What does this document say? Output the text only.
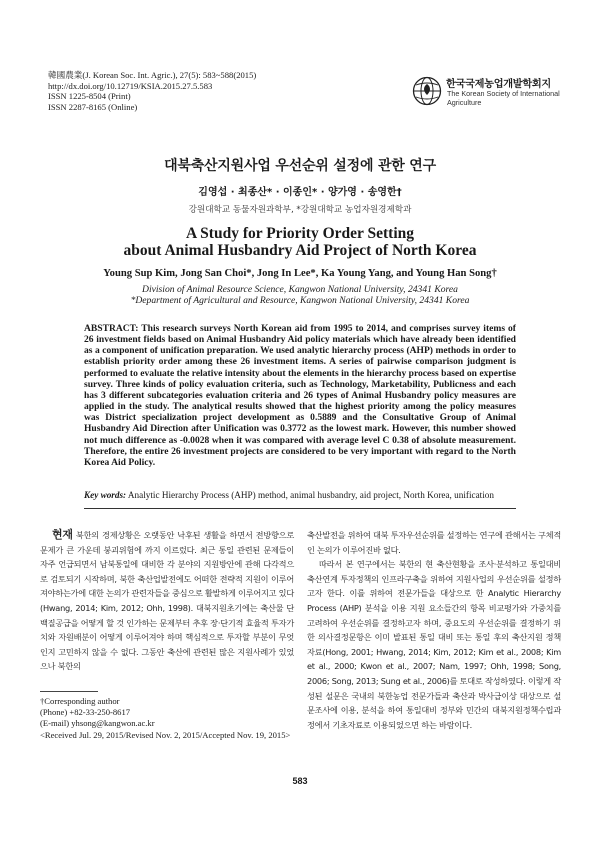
韓國農業(J. Korean Soc. Int. Agric.), 27(5): 583~588(2015)
http://dx.doi.org/10.12719/KSIA.2015.27.5.583
ISSN 1225-8504 (Print)
ISSN 2287-8165 (Online)
한국국제농업개발학회지
The Korean Society of International
Agriculture
대북축산지원사업 우선순위 설정에 관한 연구
김영섭 · 최종산* · 이종인* · 양가영 · 송영한†
강원대학교 동물자원과학부, *강원대학교 농업자원경제학과
A Study for Priority Order Setting
about Animal Husbandry Aid Project of North Korea
Young Sup Kim, Jong San Choi*, Jong In Lee*, Ka Young Yang, and Young Han Song†
Division of Animal Resource Science, Kangwon National University, 24341 Korea
*Department of Agricultural and Resource, Kangwon National University, 24341 Korea
ABSTRACT: This research surveys North Korean aid from 1995 to 2014, and comprises survey items of 26 investment fields based on Animal Husbandry Aid policy materials which have already been identified as a component of unification preparation. We used analytic hierarchy process (AHP) methods in order to establish priority order among these 26 investment items. A series of pairwise comparison judgment is performed to evaluate the relative intensity about the elements in the hierarchy process based on expertise survey. Three kinds of policy evaluation criteria, such as Technology, Marketability, Publicness and each has 3 different subcategories evaluation criteria and 26 types of Animal Husbandry policy measures are applied in the study. The analytical results showed that the highest priority among the policy measures was District specialization project development as 0.5889 and the Consultative Group of Animal Husbandry Aid Direction after Unification was 0.3772 as the lowest mark. However, this number showed not much difference as -0.0028 when it was compared with average level C 0.38 of absolute measurement. Therefore, the entire 26 investment projects are considered to be very important with regard to the North Korea Aid Policy.
Key words: Analytic Hierarchy Process (AHP) method, animal husbandry, aid project, North Korea, unification

현재 북한의 경제상황은 오랫동안 낙후된 생활을 하면서 전방향으로 문제가 큰 가운데 붕괴위험에 까지 이르렀다. 최근 통일 관련된 문제들이 자주 언급되면서 남북통일에 대비한 각 분야의 지원방안에 관해 다각적으로 검토되기 시작하며, 북한 축산업발전에도 어떠한 전략적 지원이 이루어져야하는가에 대한 논의가 관련자들을 중심으로 활발하게 이루어지고 있다(Hwang, 2014; Kim, 2012; Ohh, 1998). 대북지원초기에는 축산물 단백질공급을 어떻게 할 것 인가하는 문제부터 추후 장·단기적 효율적 투자가치와 자원배분이 어떻게 이루어져야 하며 핵심적으로 투자할 부분이 무엇인지 고민하지 않을 수 없다. 그동안 축산에 관련된 많은 지원사례가 있었으나 북한의

축산발전을 위하여 대북 투자우선순위를 설정하는 연구에 관해서는 구체적인 논의가 이루어진바 없다.

따라서 본 연구에서는 북한의 현 축산현황을 조사·분석하고 통일대비 축산연계 투자정책의 인프라구축을 위하여 지원사업의 우선순위를 설정하고자 한다. 이를 위하여 전문가들을 대상으로 한 Analytic Hierarchy Process (AHP) 분석을 이용 지원 요소들간의 항목 비교평가와 가중치를 고려하여 우선순위를 결정하고자 하며, 중요도의 우선순위를 결정하기 위한 의사결정문항은 이미 발표된 통일 대비 또는 통일 후의 축산지원 정책 자료(Hong, 2001; Hwang, 2014; Kim, 2012; Kim et al., 2008; Kim et al., 2000; Kwon et al., 2007; Nam, 1997; Ohh, 1998; Song, 2006; Song, 2013; Sung et al., 2006)를 토대로 작성하였다. 이렇게 작성된 설문은 국내의 북한농업 전문가들과 축산과 박사급이상 대상으로 설문조사에 이용, 분석을 하여 통일대비 정부와 민간의 대북지원정책수립과정에서 기초자료로 이용되었으면 하는 바람이다.

†Corresponding author
(Phone) +82-33-250-8617
(E-mail) yhsong@kangwon.ac.kr
<Received Jul. 29, 2015/Revised Nov. 2, 2015/Accepted Nov. 19, 2015>
583
